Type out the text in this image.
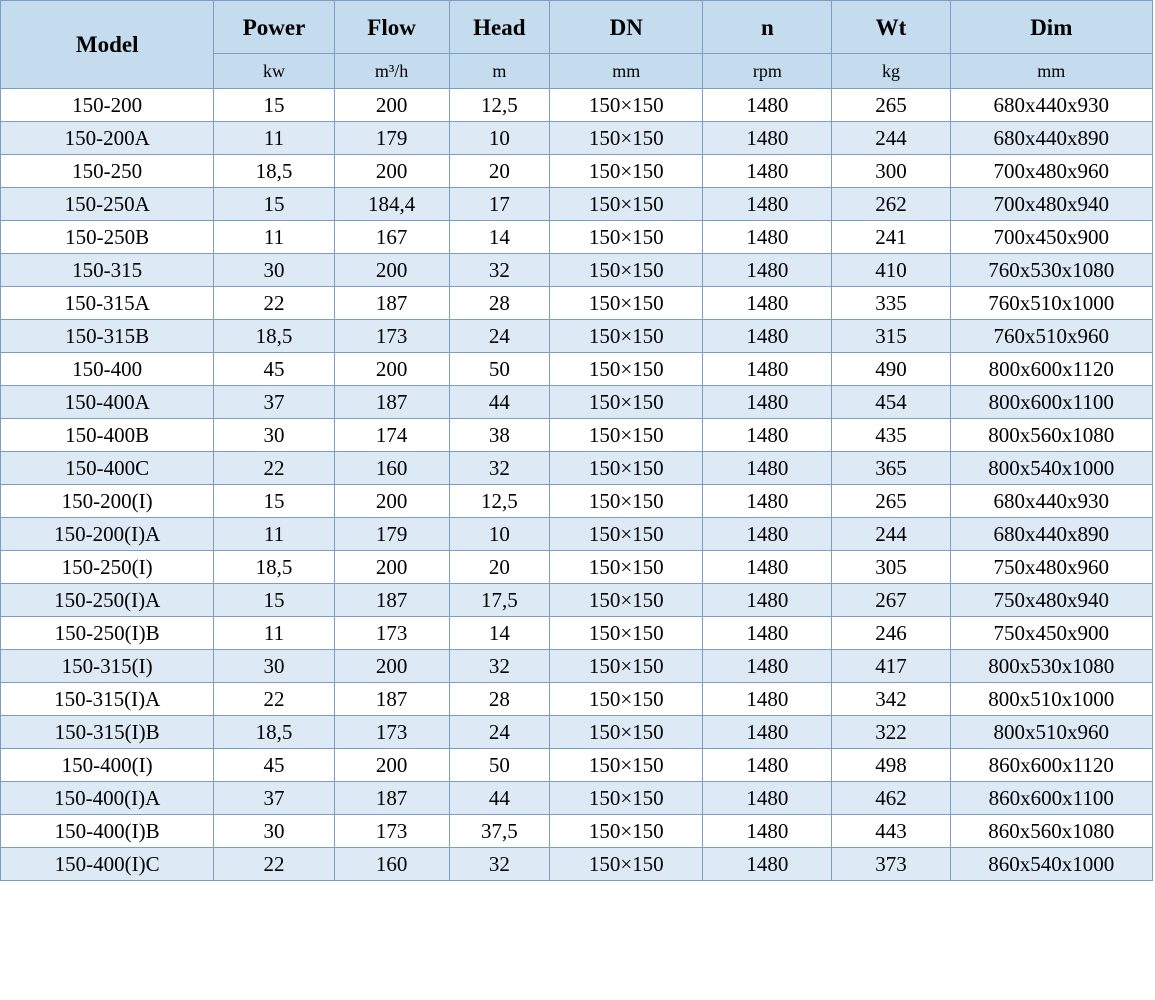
Model	Power	Flow	Head	DN	n	Wt	Dim
	kw	m³/h	m	mm	rpm	kg	mm
150-200	15	200	12,5	150×150	1480	265	680x440x930
150-200A	11	179	10	150×150	1480	244	680x440x890
150-250	18,5	200	20	150×150	1480	300	700x480x960
150-250A	15	184,4	17	150×150	1480	262	700x480x940
150-250B	11	167	14	150×150	1480	241	700x450x900
150-315	30	200	32	150×150	1480	410	760x530x1080
150-315A	22	187	28	150×150	1480	335	760x510x1000
150-315B	18,5	173	24	150×150	1480	315	760x510x960
150-400	45	200	50	150×150	1480	490	800x600x1120
150-400A	37	187	44	150×150	1480	454	800x600x1100
150-400B	30	174	38	150×150	1480	435	800x560x1080
150-400C	22	160	32	150×150	1480	365	800x540x1000
150-200(I)	15	200	12,5	150×150	1480	265	680x440x930
150-200(I)A	11	179	10	150×150	1480	244	680x440x890
150-250(I)	18,5	200	20	150×150	1480	305	750x480x960
150-250(I)A	15	187	17,5	150×150	1480	267	750x480x940
150-250(I)B	11	173	14	150×150	1480	246	750x450x900
150-315(I)	30	200	32	150×150	1480	417	800x530x1080
150-315(I)A	22	187	28	150×150	1480	342	800x510x1000
150-315(I)B	18,5	173	24	150×150	1480	322	800x510x960
150-400(I)	45	200	50	150×150	1480	498	860x600x1120
150-400(I)A	37	187	44	150×150	1480	462	860x600x1100
150-400(I)B	30	173	37,5	150×150	1480	443	860x560x1080
150-400(I)C	22	160	32	150×150	1480	373	860x540x1000
